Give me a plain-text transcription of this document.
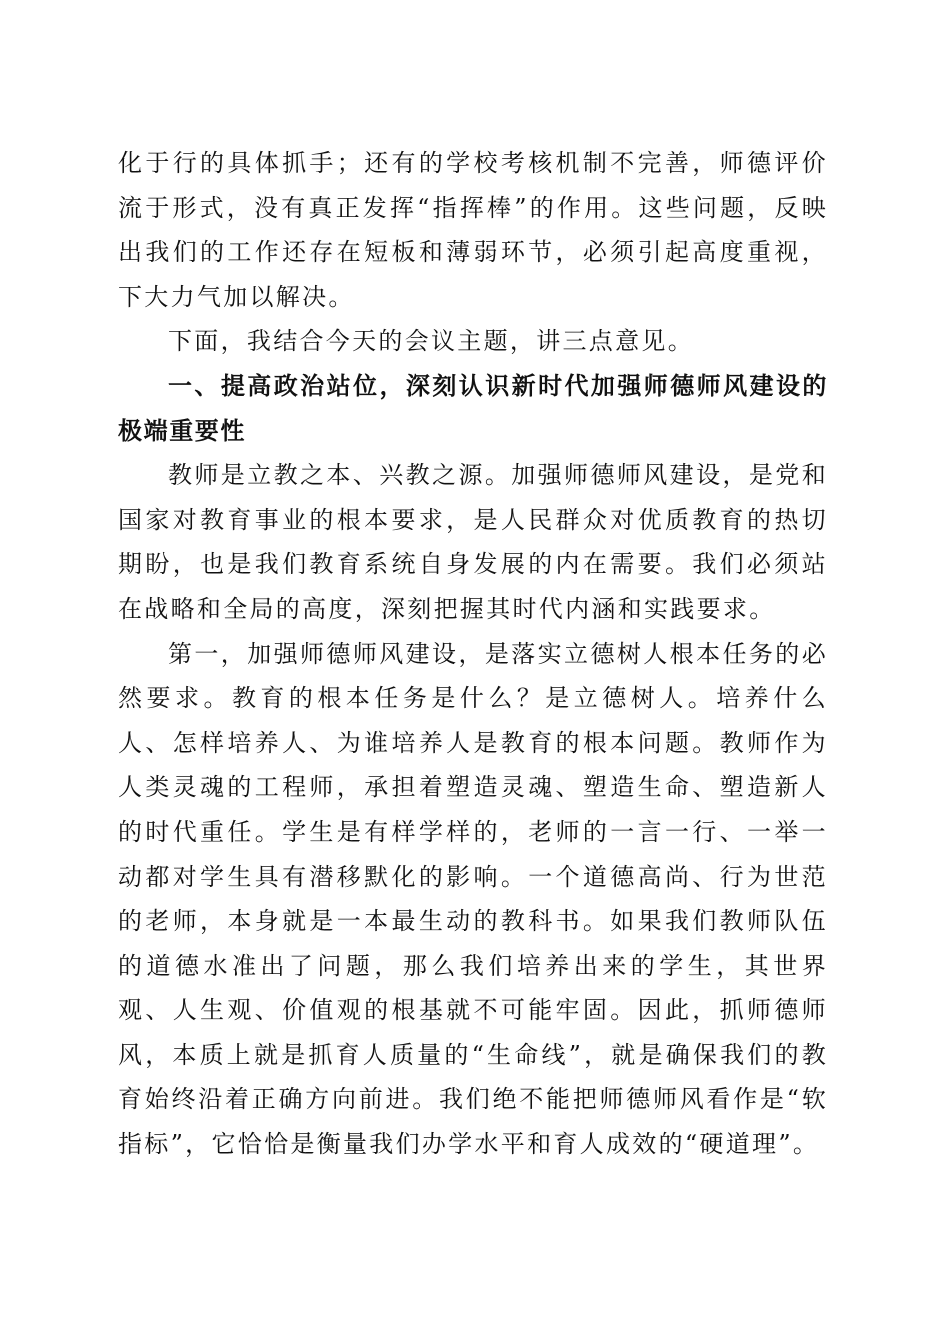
化于行的具体抓手；还有的学校考核机制不完善，师德评价流于形式，没有真正发挥“指挥棒”的作用。这些问题，反映出我们的工作还存在短板和薄弱环节，必须引起高度重视，下大力气加以解决。

下面，我结合今天的会议主题，讲三点意见。

一、提高政治站位，深刻认识新时代加强师德师风建设的极端重要性

教师是立教之本、兴教之源。加强师德师风建设，是党和国家对教育事业的根本要求，是人民群众对优质教育的热切期盼，也是我们教育系统自身发展的内在需要。我们必须站在战略和全局的高度，深刻把握其时代内涵和实践要求。

第一，加强师德师风建设，是落实立德树人根本任务的必然要求。教育的根本任务是什么？是立德树人。培养什么人、怎样培养人、为谁培养人是教育的根本问题。教师作为人类灵魂的工程师，承担着塑造灵魂、塑造生命、塑造新人的时代重任。学生是有样学样的，老师的一言一行、一举一动都对学生具有潜移默化的影响。一个道德高尚、行为世范的老师，本身就是一本最生动的教科书。如果我们教师队伍的道德水准出了问题，那么我们培养出来的学生，其世界观、人生观、价值观的根基就不可能牢固。因此，抓师德师风，本质上就是抓育人质量的“生命线”，就是确保我们的教育始终沿着正确方向前进。我们绝不能把师德师风看作是“软指标”，它恰恰是衡量我们办学水平和育人成效的“硬道理”。
